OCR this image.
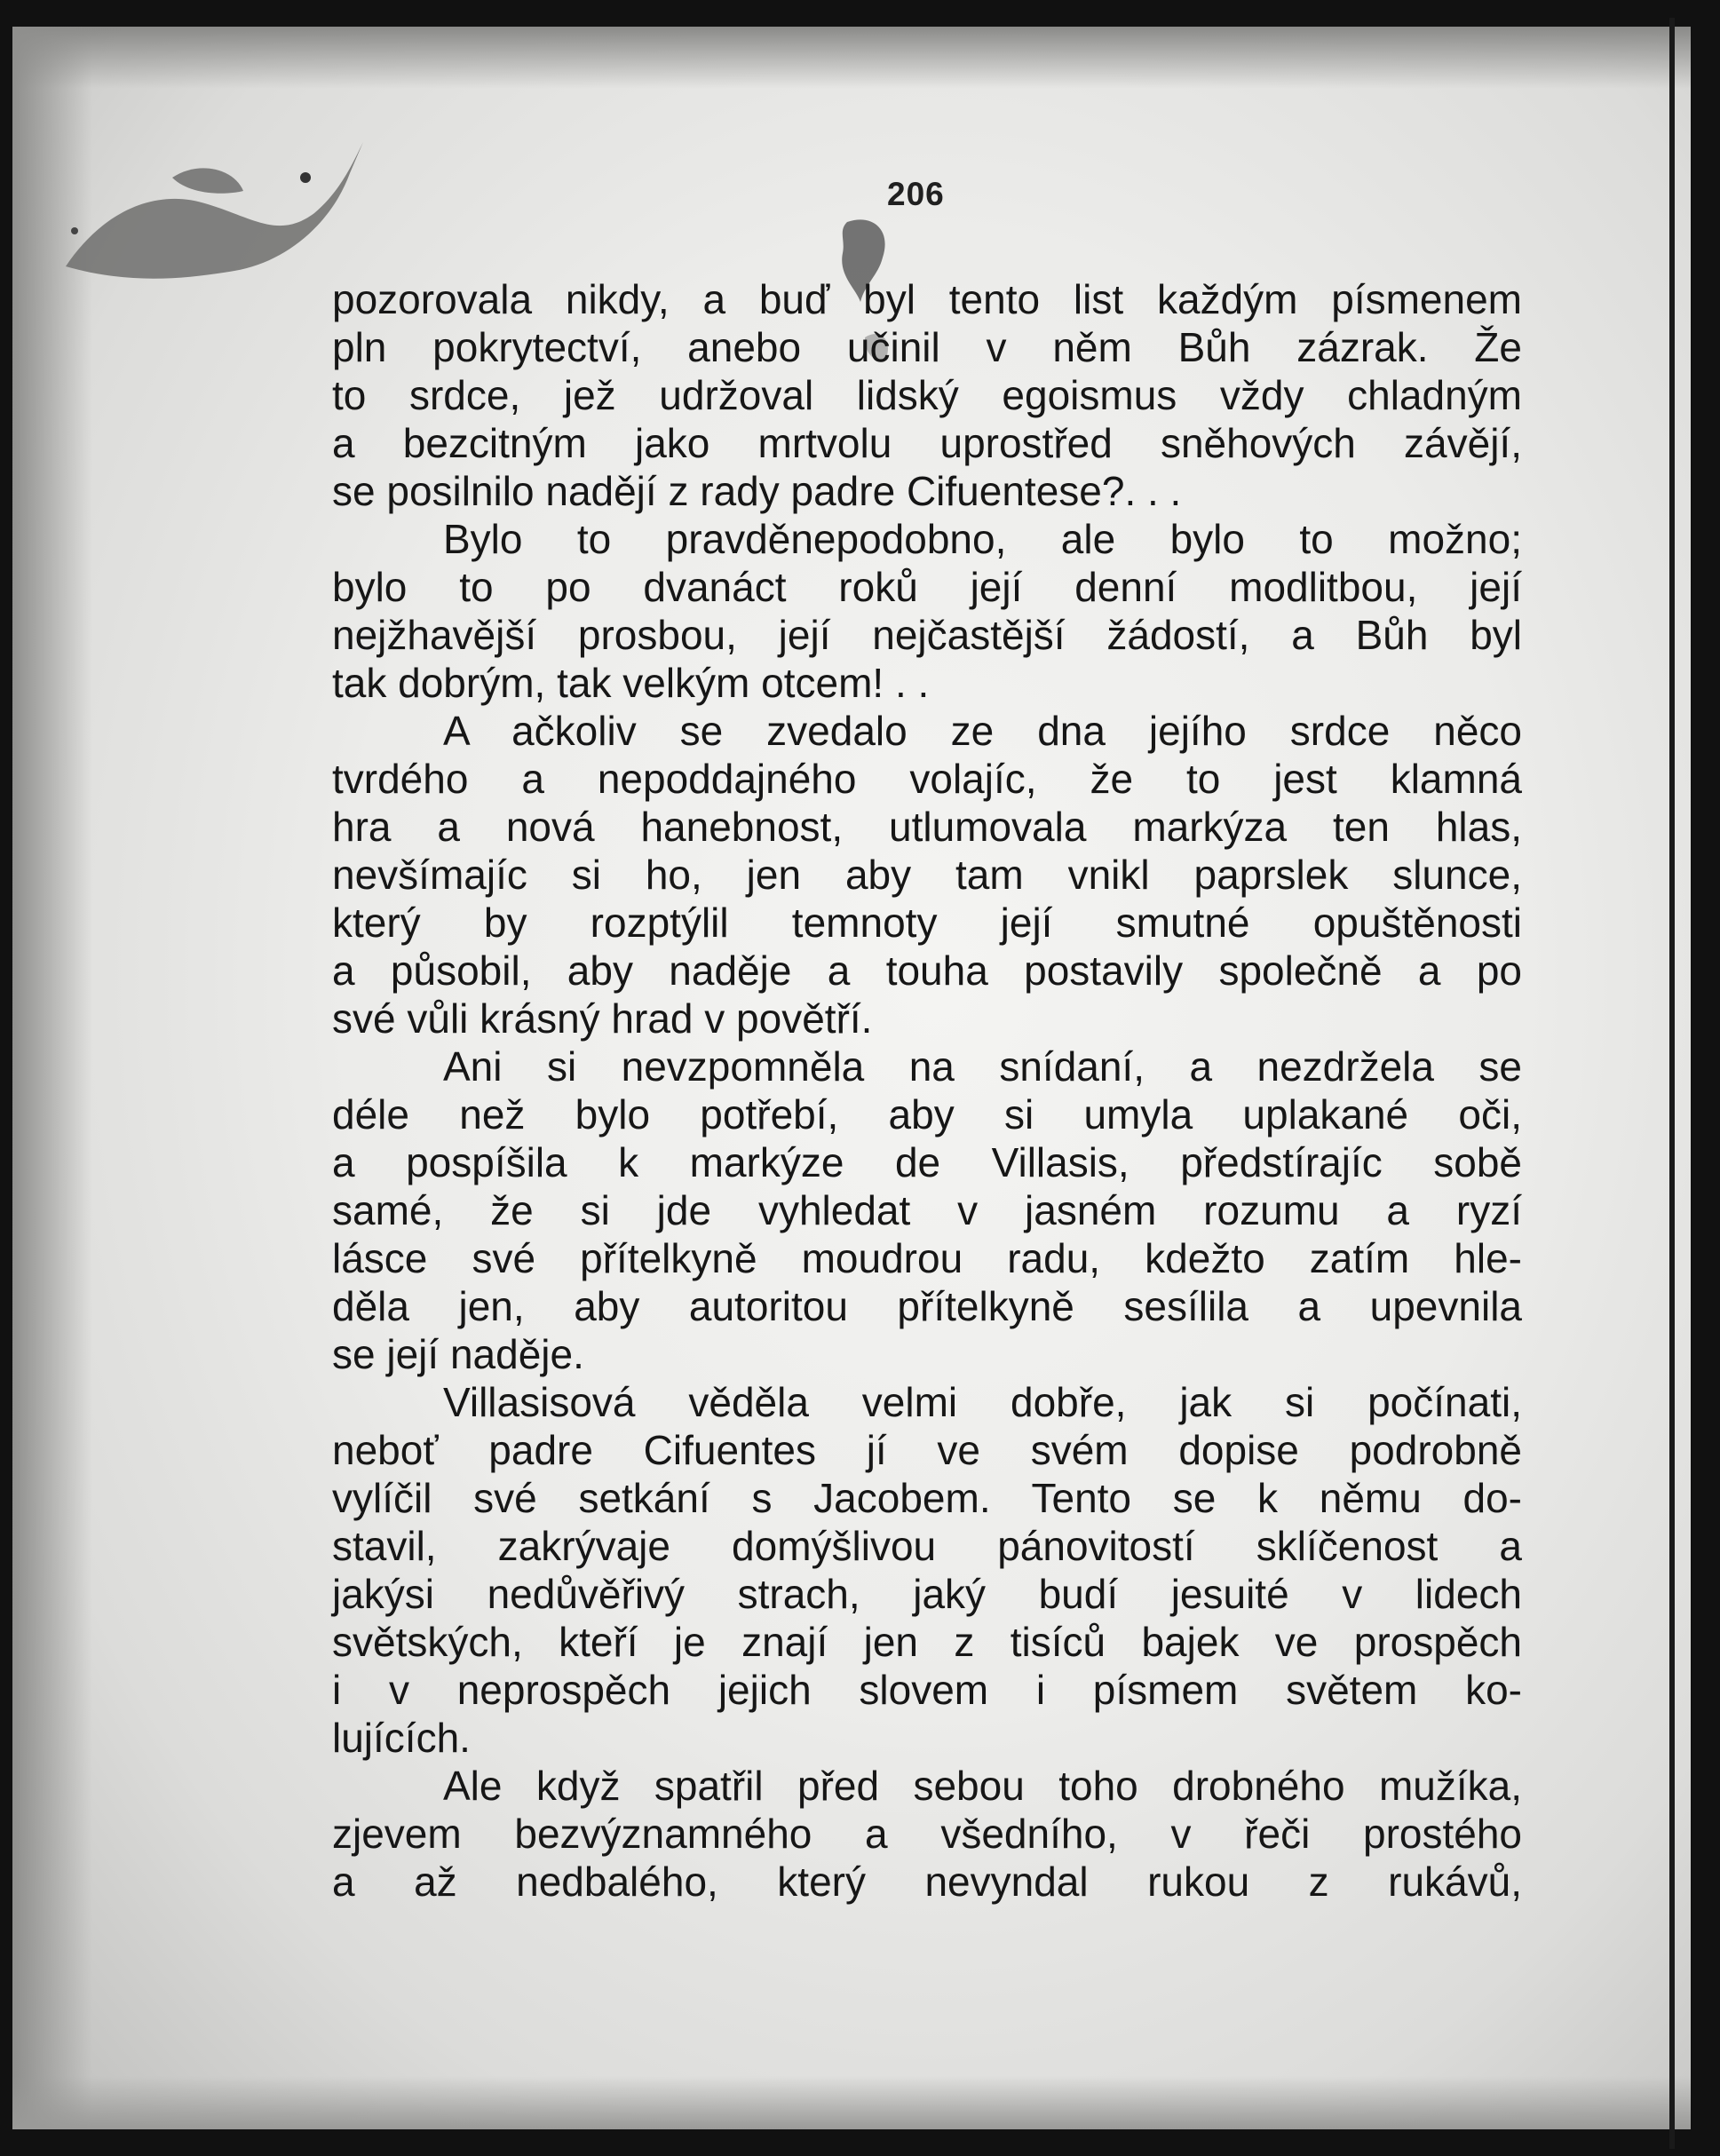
206
pozorovala nikdy, a buď byl tento list každým písmenem
pln pokrytectví, anebo učinil v něm Bůh zázrak. Že
to srdce, jež udržoval lidský egoismus vždy chladným
a bezcitným jako mrtvolu uprostřed sněhových závějí,
se posilnilo nadějí z rady padre Cifuentese?. . .
Bylo to pravděnepodobno, ale bylo to možno;
bylo to po dvanáct roků její denní modlitbou, její
nejžhavější prosbou, její nejčastější žádostí, a Bůh byl
tak dobrým, tak velkým otcem! . .
A ačkoliv se zvedalo ze dna jejího srdce něco
tvrdého a nepoddajného volajíc, že to jest klamná
hra a nová hanebnost, utlumovala markýza ten hlas,
nevšímajíc si ho, jen aby tam vnikl paprslek slunce,
který by rozptýlil temnoty její smutné opuštěnosti
a působil, aby naděje a touha postavily společně a po
své vůli krásný hrad v povětří.
Ani si nevzpomněla na snídaní, a nezdržela se
déle než bylo potřebí, aby si umyla uplakané oči,
a pospíšila k markýze de Villasis, předstírajíc sobě
samé, že si jde vyhledat v jasném rozumu a ryzí
lásce své přítelkyně moudrou radu, kdežto zatím hle-
děla jen, aby autoritou přítelkyně sesílila a upevnila
se její naděje.
Villasisová věděla velmi dobře, jak si počínati,
neboť padre Cifuentes jí ve svém dopise podrobně
vylíčil své setkání s Jacobem. Tento se k němu do-
stavil, zakrývaje domýšlivou pánovitostí sklíčenost a
jakýsi nedůvěřivý strach, jaký budí jesuité v lidech
světských, kteří je znají jen z tisíců bajek ve prospěch
i v neprospěch jejich slovem i písmem světem ko-
lujících.
Ale když spatřil před sebou toho drobného mužíka,
zjevem bezvýznamného a všedního, v řeči prostého
a až nedbalého, který nevyndal rukou z rukávů,
